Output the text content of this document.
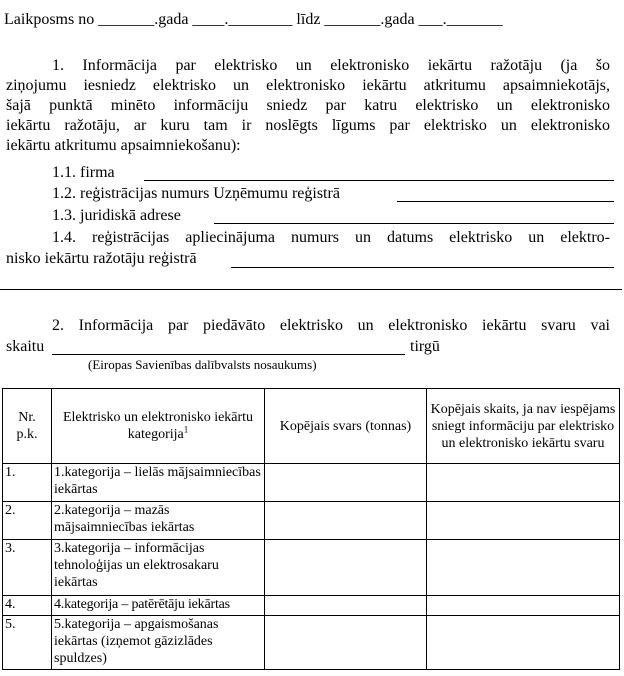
Laikposms no _______.gada ____.________ līdz _______.gada ___._______
1. Informācija par elektrisko un elektronisko iekārtu ražotāju (ja šo
ziņojumu iesniedz elektrisko un elektronisko iekārtu atkritumu apsaimniekotājs,
šajā punktā minēto informāciju sniedz par katru elektrisko un elektronisko
iekārtu ražotāju, ar kuru tam ir noslēgts līgums par elektrisko un elektronisko
iekārtu atkritumu apsaimniekošanu):
1.1. firma
1.2. reģistrācijas numurs Uzņēmumu reģistrā
1.3. juridiskā adrese
1.4. reģistrācijas apliecinājuma numurs un datums elektrisko un elektro-
nisko iekārtu ražotāju reģistrā
2. Informācija par piedāvāto elektrisko un elektronisko iekārtu svaru vai
skaitu	tirgū
(Eiropas Savienības dalībvalsts nosaukums)
Nr. p.k.	Elektrisko un elektronisko iekārtu kategorija$^1$	Kopējais svars (tonnas)	Kopējais skaits, ja nav iespējams sniegt informāciju par elektrisko un elektronisko iekārtu svaru
1.	1.kategorija – lielās mājsaimniecības iekārtas		
2.	2.kategorija – mazās mājsaimniecības iekārtas		
3.	3.kategorija – informācijas tehnoloģijas un elektrosakaru iekārtas		
4.	4.kategorija – patērētāju iekārtas		
5.	5.kategorija – apgaismošanas iekārtas (izņemot gāzizlādes spuldzes)		
